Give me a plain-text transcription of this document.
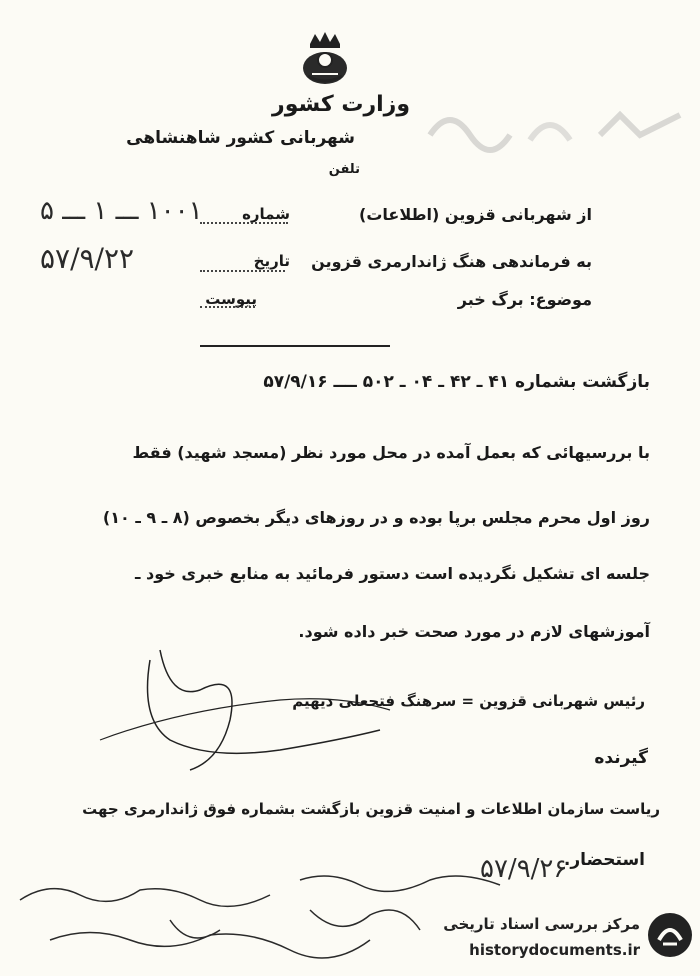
وزارت کشور
شهربانی کشور شاهنشاهی
تلفن
شماره
۱۰۰۱ ـــ ۱ ـــ ۵
تاریخ
۵۷/۹/۲۲
پیوست
از شهربانی قزوین (اطلاعات)
به فرماندهی هنگ ژاندارمری قزوین
موضوع: برگ خبر
بازگشت بشماره ۴۱ ـ ۴۲ ـ ۰۴ ـ ۵۰۲ ــــ ۵۷/۹/۱۶
با بررسیهائی که بعمل آمده در محل مورد نظر (مسجد شهید) فقط
روز اول محرم مجلس برپا بوده و در روزهای دیگر بخصوص (۸ ـ ۹ ـ ۱۰)
جلسه ای تشکیل نگردیده است دستور فرمائید به منابع خبری خود ـ
آموزشهای لازم در مورد صحت خبر داده شود.
رئیس شهربانی قزوین = سرهنگ فتحعلی دیهیم
گیرنده
ریاست سازمان اطلاعات و امنیت قزوین بازگشت بشماره فوق ژاندارمری جهت
استحضار.
۵۷/۹/۲۶
مرکز بررسی اسناد تاریخی
historydocuments.ir
